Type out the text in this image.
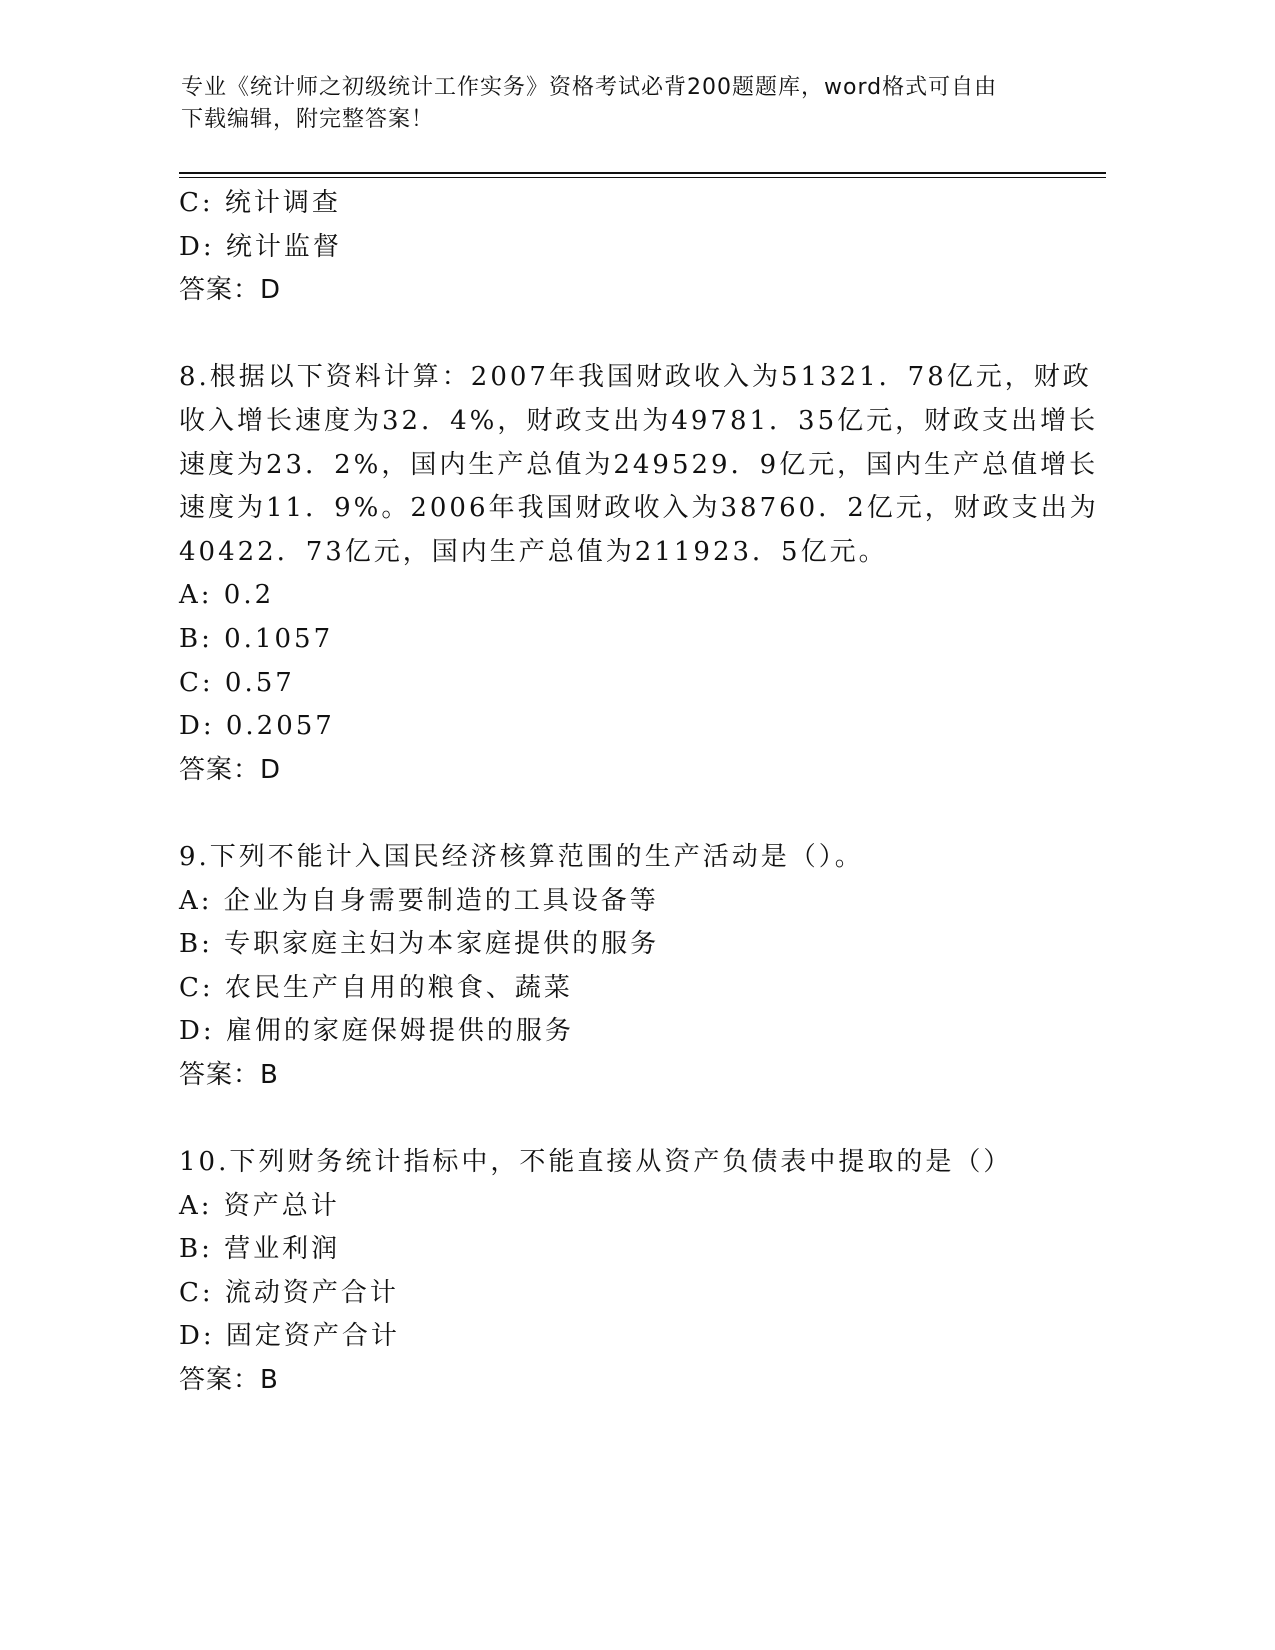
专业《统计师之初级统计工作实务》资格考试必背200题题库，word格式可自由
下载编辑，附完整答案！
C: 统计调查
D: 统计监督
答案：D
8.根据以下资料计算：2007年我国财政收入为51321．78亿元，财政
收入增长速度为32．4%，财政支出为49781．35亿元，财政支出增长
速度为23．2%，国内生产总值为249529．9亿元，国内生产总值增长
速度为11．9%。2006年我国财政收入为38760．2亿元，财政支出为
40422．73亿元，国内生产总值为211923．5亿元。
A: 0.2
B: 0.1057
C: 0.57
D: 0.2057
答案：D
9.下列不能计入国民经济核算范围的生产活动是（）。
A: 企业为自身需要制造的工具设备等
B: 专职家庭主妇为本家庭提供的服务
C: 农民生产自用的粮食、蔬菜
D: 雇佣的家庭保姆提供的服务
答案：B
10.下列财务统计指标中，不能直接从资产负债表中提取的是（）
A: 资产总计
B: 营业利润
C: 流动资产合计
D: 固定资产合计
答案：B
